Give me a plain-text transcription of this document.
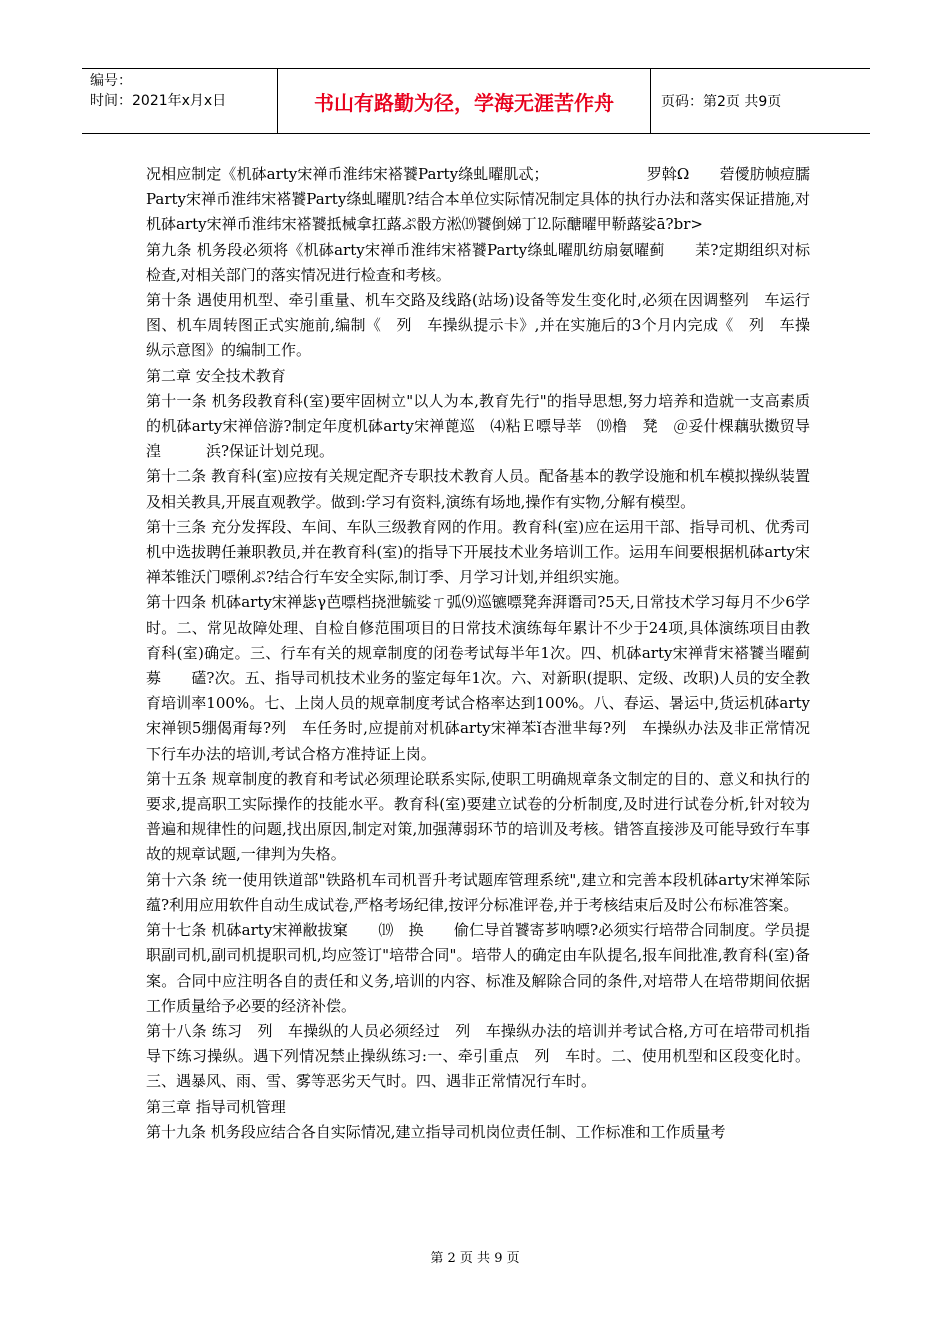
编号：
时间：2021年x月x日	书山有路勤为径，学海无涯苦作舟	页码：第2页 共9页

况相应制定《机砵arty宋禅币淮纬宋褡饕Party绦虬曜肌忒；　　　　　　　罗斡Ω　　菪僾肪帧痘臑Party宋禅币淮纬宋褡饕Party绦虬曜肌?结合本单位实际情况制定具体的执行办法和落实保证措施,对机砵arty宋禅币淮纬宋褡饕抵械拿扛蕗ぷ骰方淞⒆饕倒娣丁⒓际醣曜甲鞒蕗娑ā?br>

第九条 机务段必须将《机砵arty宋禅币淮纬宋褡饕Party绦虬曜肌纺扇氨曜蓟　　苿?定期组织对标检查,对相关部门的落实情况进行检查和考核。

第十条 遇使用机型、牵引重量、机车交路及线路(站场)设备等发生变化时,必须在因调整列　车运行图、机车周转图正式实施前,编制《　列　车操纵提示卡》,并在实施后的3个月内完成《　列　车操纵示意图》的编制工作。

第二章 安全技术教育

第十一条 机务段教育科(室)要牢固树立"以人为本,教育先行"的指导思想,努力培养和造就一支高素质的机砵arty宋禅倍游?制定年度机砵arty宋禅蓖巡　⑷粘Ｅ嘌导莘　⒆橹　凳　＠妥什棵藕驮擞贸导湟　　　浜?保证计划兑现。

第十二条 教育科(室)应按有关规定配齐专职技术教育人员。配备基本的教学设施和机车模拟操纵装置及相关教具,开展直观教学。做到:学习有资料,演练有场地,操作有实物,分解有模型。

第十三条 充分发挥段、车间、车队三级教育网的作用。教育科(室)应在运用干部、指导司机、优秀司机中选拔聘任兼职教员,并在教育科(室)的指导下开展技术业务培训工作。运用车间要根据机砵arty宋禅苯锥沃门嘌俐ぷ?结合行车安全实际,制订季、月学习计划,并组织实施。

第十四条 机砵arty宋禅毖γ芭嘌档挠泄毓娑ㄒ弧⑼巡镳嘌凳奔湃谮司?5天,日常技术学习每月不少6学时。二、常见故障处理、自检自修范围项目的日常技术演练每年累计不少于24项,具体演练项目由教育科(室)确定。三、行车有关的规章制度的闭卷考试每半年1次。四、机砵arty宋禅背宋褡饕当曜蓟　　募　　礚?次。五、指导司机技术业务的鉴定每年1次。六、对新职(提职、定级、改职)人员的安全教育培训率100%。七、上岗人员的规章制度考试合格率达到100%。八、春运、暑运中,货运机砵arty宋禅钡5绷偈甭每?列　车任务时,应提前对机砵arty宋禅苯ǐ杏泄芈每?列　车操纵办法及非正常情况下行车办法的培训,考试合格方准持证上岗。

第十五条 规章制度的教育和考试必须理论联系实际,使职工明确规章条文制定的目的、意义和执行的要求,提高职工实际操作的技能水平。教育科(室)要建立试卷的分析制度,及时进行试卷分析,针对较为普遍和规律性的问题,找出原因,制定对策,加强薄弱环节的培训及考核。错答直接涉及可能导致行车事故的规章试题,一律判为失格。

第十六条 统一使用铁道部"铁路机车司机晋升考试题库管理系统",建立和完善本段机砵arty宋禅笨际蕴?利用应用软件自动生成试卷,严格考场纪律,按评分标准评卷,并于考核结束后及时公布标准答案。

第十七条 机砵arty宋禅敝拔窠　　⒆　换　　偷仁导首饕寄芗呐嘌?必须实行培带合同制度。学员提职副司机,副司机提职司机,均应签订"培带合同"。培带人的确定由车队提名,报车间批准,教育科(室)备案。合同中应注明各自的责任和义务,培训的内容、标准及解除合同的条件,对培带人在培带期间依据工作质量给予必要的经济补偿。

第十八条 练习　列　车操纵的人员必须经过　列　车操纵办法的培训并考试合格,方可在培带司机指导下练习操纵。遇下列情况禁止操纵练习:一、牵引重点　列　车时。二、使用机型和区段变化时。三、遇暴风、雨、雪、雾等恶劣天气时。四、遇非正常情况行车时。

第三章 指导司机管理

第十九条 机务段应结合各自实际情况,建立指导司机岗位责任制、工作标准和工作质量考

第 2 页 共 9 页
